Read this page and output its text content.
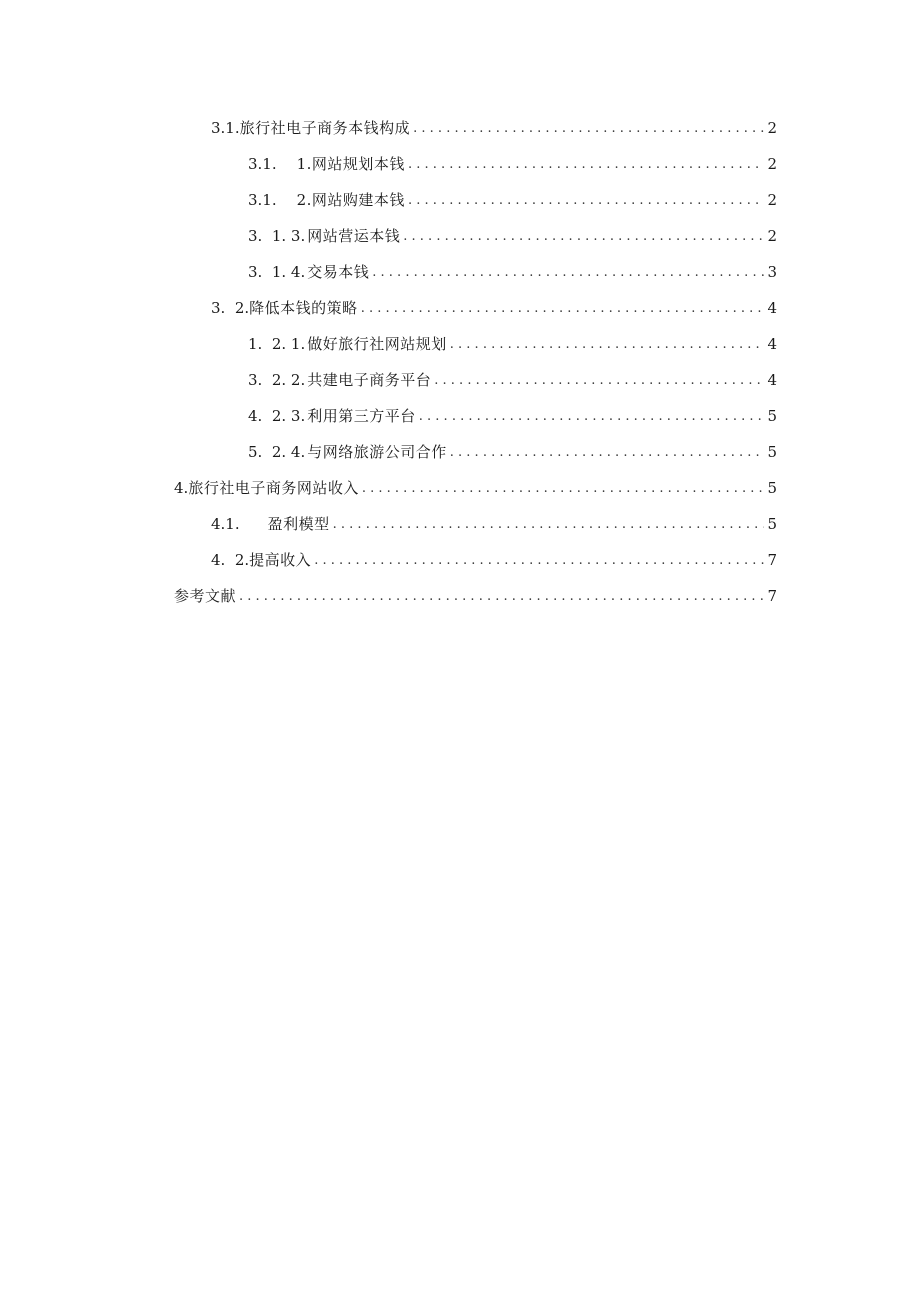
3.1. 旅行社电子商务本钱构成 . . .	2
3.1. 1.网站规划本钱 . . .	2
3.1. 2.网站购建本钱 . . .	2
3.  1. 3. 网站营运本钱 . . .	2
3.  1. 4. 交易本钱 . . .	3
3.  2. 降低本钱的策略 . . .	4
1.  2. 1. 做好旅行社网站规划 . . .	4
3.  2. 2. 共建电子商务平台 . . .	4
4.  2. 3. 利用第三方平台 . . .	5
5.  2. 4. 与网络旅游公司合作 . . .	5
4. 旅行社电子商务网站收入 . . .	5
4.1. 盈利模型 . . .	5
4.  2. 提高收入 . . .	7
参考文献 . . .	7
